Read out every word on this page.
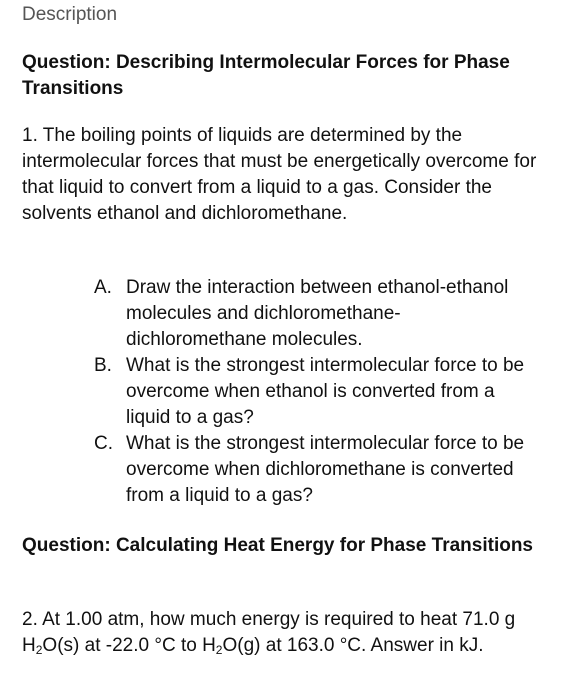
Description
Question: Describing Intermolecular Forces for Phase Transitions
1. The boiling points of liquids are determined by the intermolecular forces that must be energetically overcome for that liquid to convert from a liquid to a gas. Consider the solvents ethanol and dichloromethane.
A. Draw the interaction between ethanol-ethanol molecules and dichloromethane-dichloromethane molecules.
B. What is the strongest intermolecular force to be overcome when ethanol is converted from a liquid to a gas?
C. What is the strongest intermolecular force to be overcome when dichloromethane is converted from a liquid to a gas?
Question: Calculating Heat Energy for Phase Transitions
2. At 1.00 atm, how much energy is required to heat 71.0 g $H_2O(s)$ at -22.0 °C to $H_2O(g)$ at 163.0 °C. Answer in kJ.
